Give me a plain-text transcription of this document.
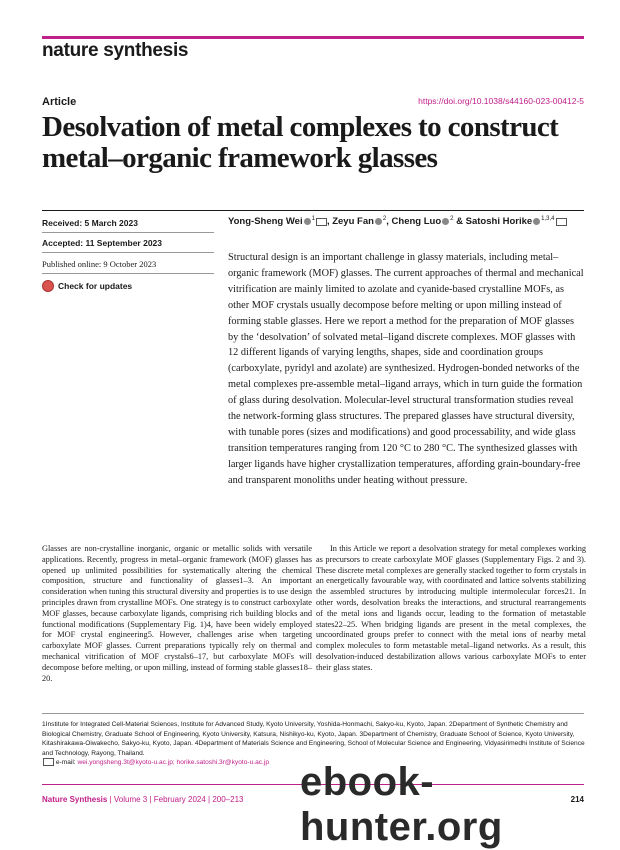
nature synthesis
Article	https://doi.org/10.1038/s44160-023-00412-5
Desolvation of metal complexes to construct metal–organic framework glasses
Received: 5 March 2023
Accepted: 11 September 2023
Published online: 9 October 2023
Check for updates
Yong-Sheng Wei $^1$ , Zeyu Fan $^2$, Cheng Luo $^2$ & Satoshi Horike $^{1,3,4}$

Structural design is an important challenge in glassy materials, including metal–organic framework (MOF) glasses. The current approaches of thermal and mechanical vitrification are mainly limited to azolate and cyanide-based crystalline MOFs, as other MOF crystals usually decompose before melting or upon milling instead of forming stable glasses. Here we report a method for the preparation of MOF glasses by the ‘desolvation’ of solvated metal–ligand discrete complexes. MOF glasses with 12 different ligands of varying lengths, shapes, side and coordination groups (carboxylate, pyridyl and azolate) are synthesized. Hydrogen-bonded networks of the metal complexes pre-assemble metal–ligand arrays, which in turn guide the formation of glass during desolvation. Molecular-level structural transformation studies reveal the network-forming glass structures. The prepared glasses have structural diversity, with tunable pores (sizes and modifications) and good processability, and wide glass transition temperatures ranging from 120 °C to 280 °C. The synthesized glasses with larger ligands have higher crystallization temperatures, affording grain-boundary-free and transparent monoliths under heating without pressure.

Glasses are non-crystalline inorganic, organic or metallic solids with versatile applications. Recently, progress in metal–organic framework (MOF) glasses has opened up unlimited possibilities for systematically altering the chemical composition, structure and functionality of glasses1–3. An important consideration when tuning this structural diversity and properties is to use design principles drawn from crystalline MOFs. One strategy is to construct carboxylate MOF glasses, because carboxylate ligands, comprising rich building blocks and functional modifications (Supplementary Fig. 1)4, have been widely employed for MOF crystal engineering5. However, challenges arise when targeting carboxylate MOF glasses. Current preparations typically rely on thermal and mechanical vitrification of MOF crystals6–17, but carboxylate MOFs will decompose before melting, or upon milling, instead of forming stable glasses18–20.

In this Article we report a desolvation strategy for metal complexes working as precursors to create carboxylate MOF glasses (Supplementary Figs. 2 and 3). These discrete metal complexes are generally stacked together to form crystals in an energetically favourable way, with coordinated and lattice solvents stabilizing the assembled structures by introducing multiple intermolecular forces21. In other words, desolvation breaks the interactions, and structural rearrangements of the metal ions and ligands occur, leading to the formation of metastable states22–25. When bridging ligands are present in the metal complexes, the uncoordinated groups prefer to connect with the metal ions of nearby metal complex molecules to form metastable metal–ligand networks. As a result, this desolvation-induced destabilization allows various carboxylate MOFs to enter their glass states.

1Institute for Integrated Cell-Material Sciences, Institute for Advanced Study, Kyoto University, Yoshida-Honmachi, Sakyo-ku, Kyoto, Japan. 2Department of Synthetic Chemistry and Biological Chemistry, Graduate School of Engineering, Kyoto University, Katsura, Nishikyo-ku, Kyoto, Japan. 3Department of Chemistry, Graduate School of Science, Kyoto University, Kitashirakawa-Oiwakecho, Sakyo-ku, Kyoto, Japan. 4Department of Materials Science and Engineering, School of Molecular Science and Engineering, Vidyasirimedhi Institute of Science and Technology, Rayong, Thailand.
e-mail: wei.yongsheng.3t@kyoto-u.ac.jp; horike.satoshi.3r@kyoto-u.ac.jp
Nature Synthesis | Volume 3 | February 2024 | 200–213	214
ebook-hunter.org
